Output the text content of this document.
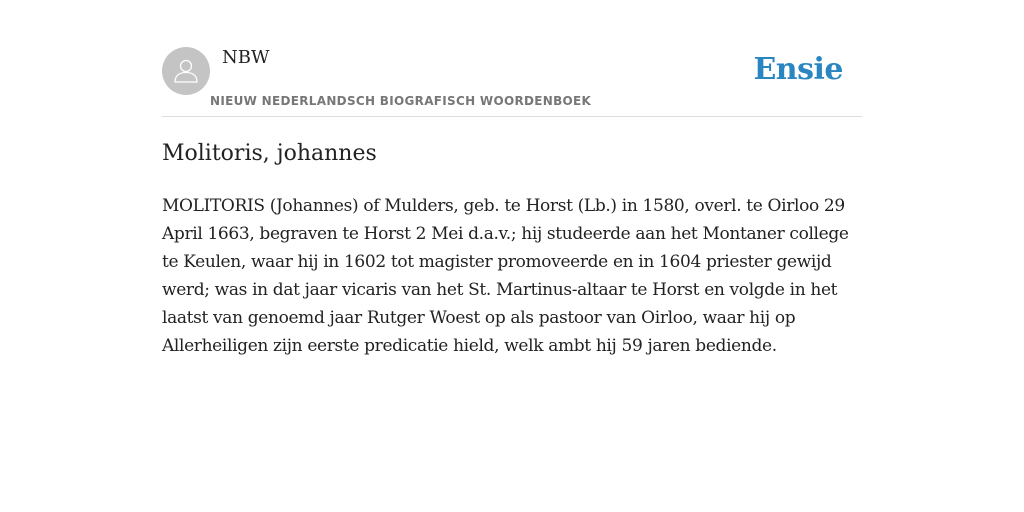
NBW

NIEUW NEDERLANDSCH BIOGRAFISCH WOORDENBOEK

Ensie
Molitoris, johannes

MOLITORIS (Johannes) of Mulders, geb. te Horst (Lb.) in 1580, overl. te Oirloo 29 April 1663, begraven te Horst 2 Mei d.a.v.; hij studeerde aan het Montaner college te Keulen, waar hij in 1602 tot magister promoveerde en in 1604 priester gewijd werd; was in dat jaar vicaris van het St. Martinus-altaar te Horst en volgde in het laatst van genoemd jaar Rutger Woest op als pastoor van Oirloo, waar hij op Allerheiligen zijn eerste predicatie hield, welk ambt hij 59 jaren bediende.
